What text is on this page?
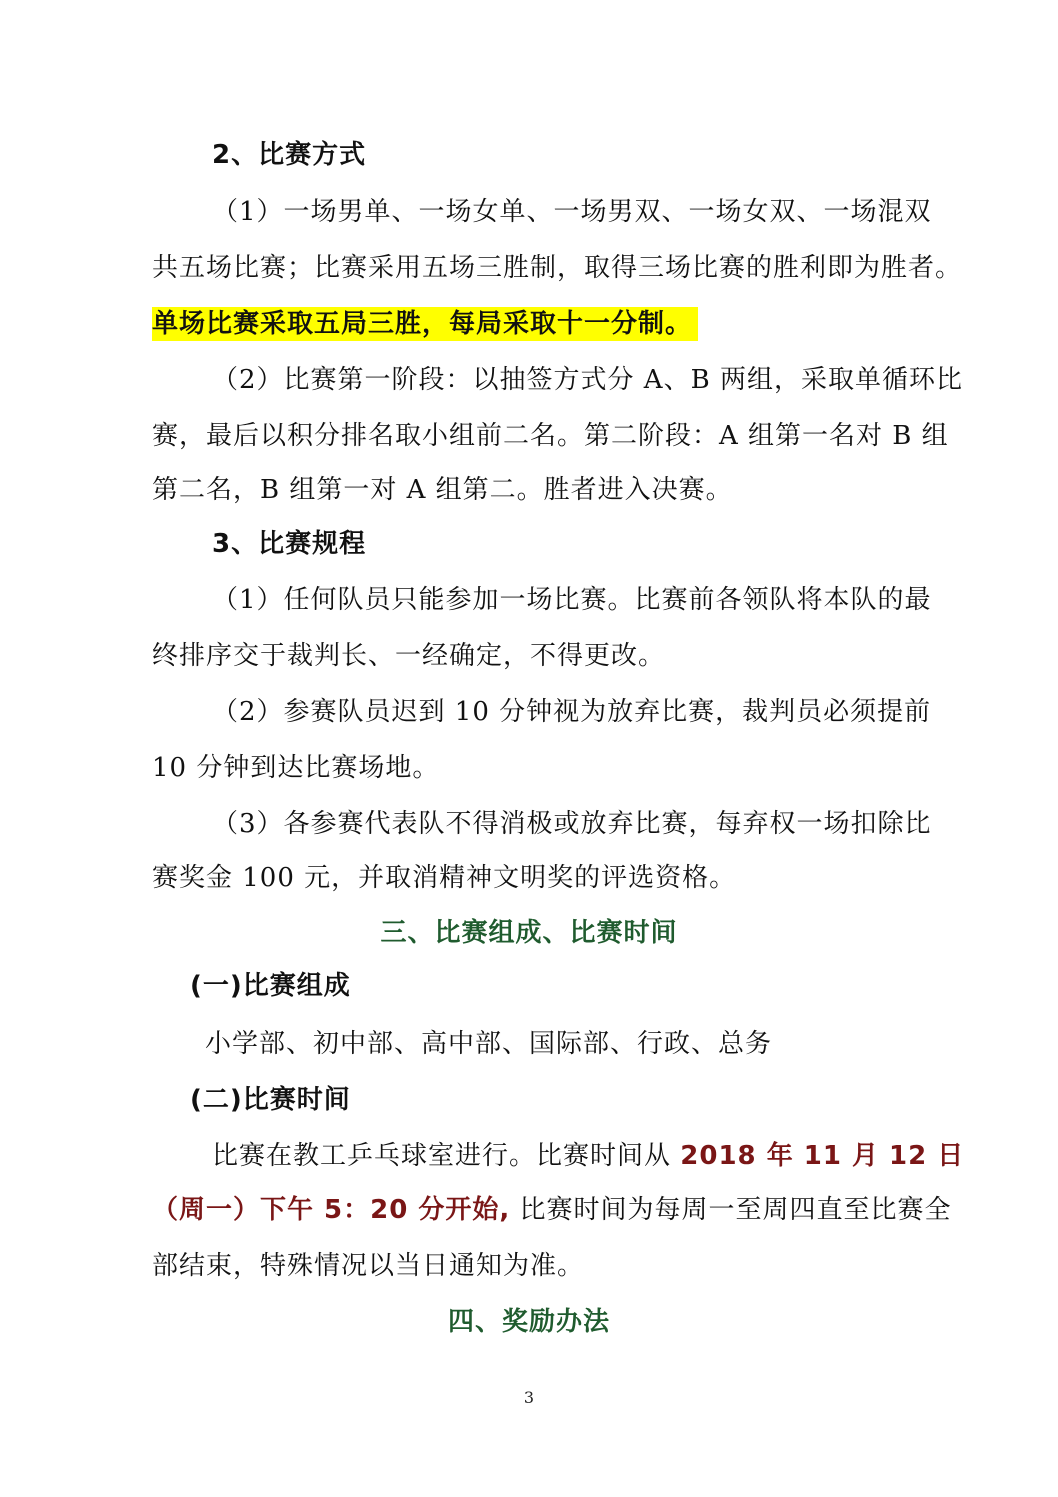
2、比赛方式
（1）一场男单、一场女单、一场男双、一场女双、一场混双
共五场比赛；比赛采用五场三胜制，取得三场比赛的胜利即为胜者。
单场比赛采取五局三胜，每局采取十一分制。
（2）比赛第一阶段：以抽签方式分 A、B 两组，采取单循环比
赛，最后以积分排名取小组前二名。第二阶段：A 组第一名对 B 组
第二名，B 组第一对 A 组第二。胜者进入决赛。
3、比赛规程
（1）任何队员只能参加一场比赛。比赛前各领队将本队的最
终排序交于裁判长、一经确定，不得更改。
（2）参赛队员迟到 10 分钟视为放弃比赛，裁判员必须提前
10 分钟到达比赛场地。
（3）各参赛代表队不得消极或放弃比赛，每弃权一场扣除比
赛奖金 100 元，并取消精神文明奖的评选资格。
三、比赛组成、比赛时间
(一)比赛组成
小学部、初中部、高中部、国际部、行政、总务
(二)比赛时间
比赛在教工乒乓球室进行。比赛时间从 2018 年 11 月 12 日
（周一）下午 5：20 分开始, 比赛时间为每周一至周四直至比赛全
部结束，特殊情况以当日通知为准。
四、奖励办法
3
